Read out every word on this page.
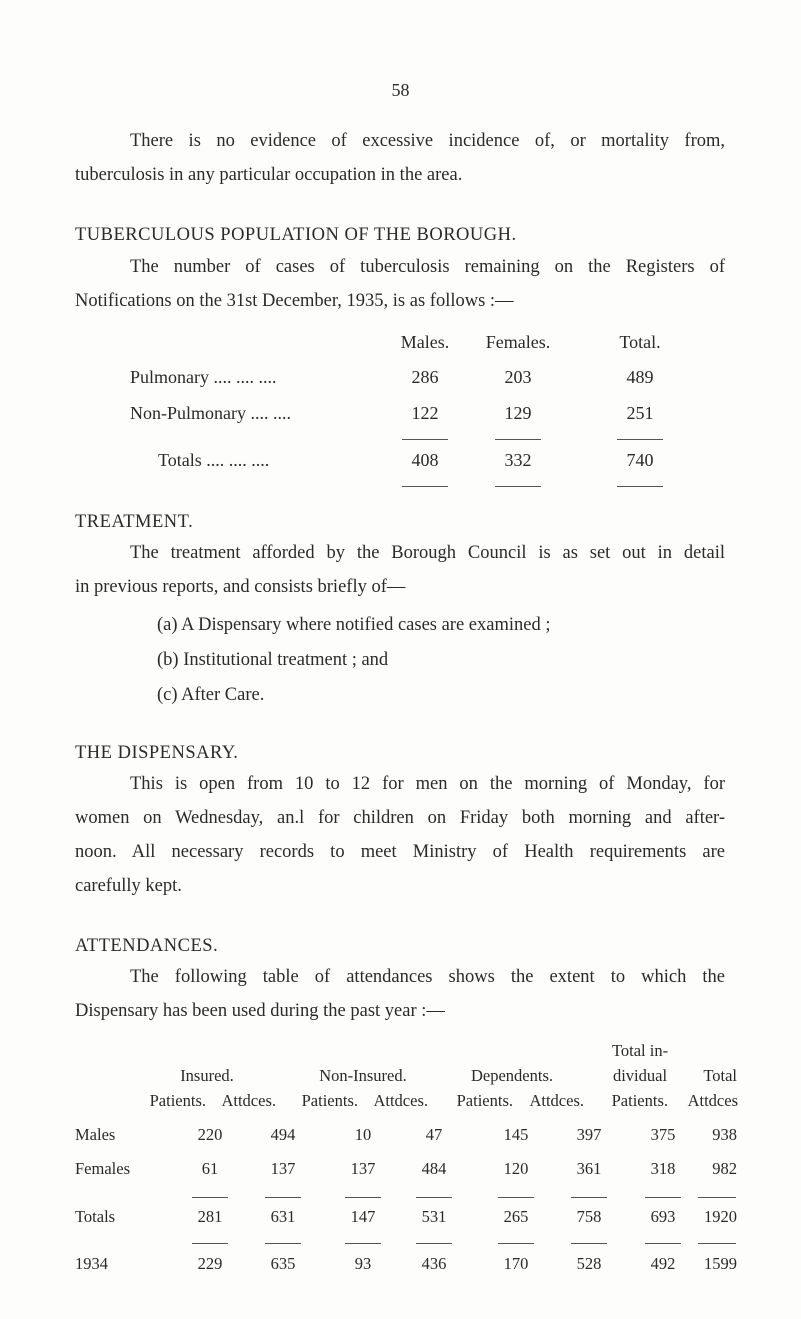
58
There is no evidence of excessive incidence of, or mortality from,
tuberculosis in any particular occupation in the area.
TUBERCULOUS POPULATION OF THE BOROUGH.
The number of cases of tuberculosis remaining on the Registers of
Notifications on the 31st December, 1935, is as follows :—
Males.	Females.	Total.
Pulmonary .... .... ....	286	203	489
Non-Pulmonary .... ....	122	129	251
Totals .... .... ....	408	332	740
TREATMENT.
The treatment afforded by the Borough Council is as set out in detail
in previous reports, and consists briefly of—
(a) A Dispensary where notified cases are examined ;
(b) Institutional treatment ; and
(c) After Care.
THE DISPENSARY.
This is open from 10 to 12 for men on the morning of Monday, for
women on Wednesday, an.l for children on Friday both morning and after-
noon. All necessary records to meet Ministry of Health requirements are
carefully kept.
ATTENDANCES.
The following table of attendances shows the extent to which the
Dispensary has been used during the past year :—
Total in-
Insured.	Non-Insured.	Dependents.	dividual	Total
Patients. Attdces.	Patients. Attdces.	Patients. Attdces.	Patients.	Attdces
Males	220	494	10	47	145	397	375	938
Females	61	137	137	484	120	361	318	982
Totals	281	631	147	531	265	758	693	1920
1934	229	635	93	436	170	528	492	1599
